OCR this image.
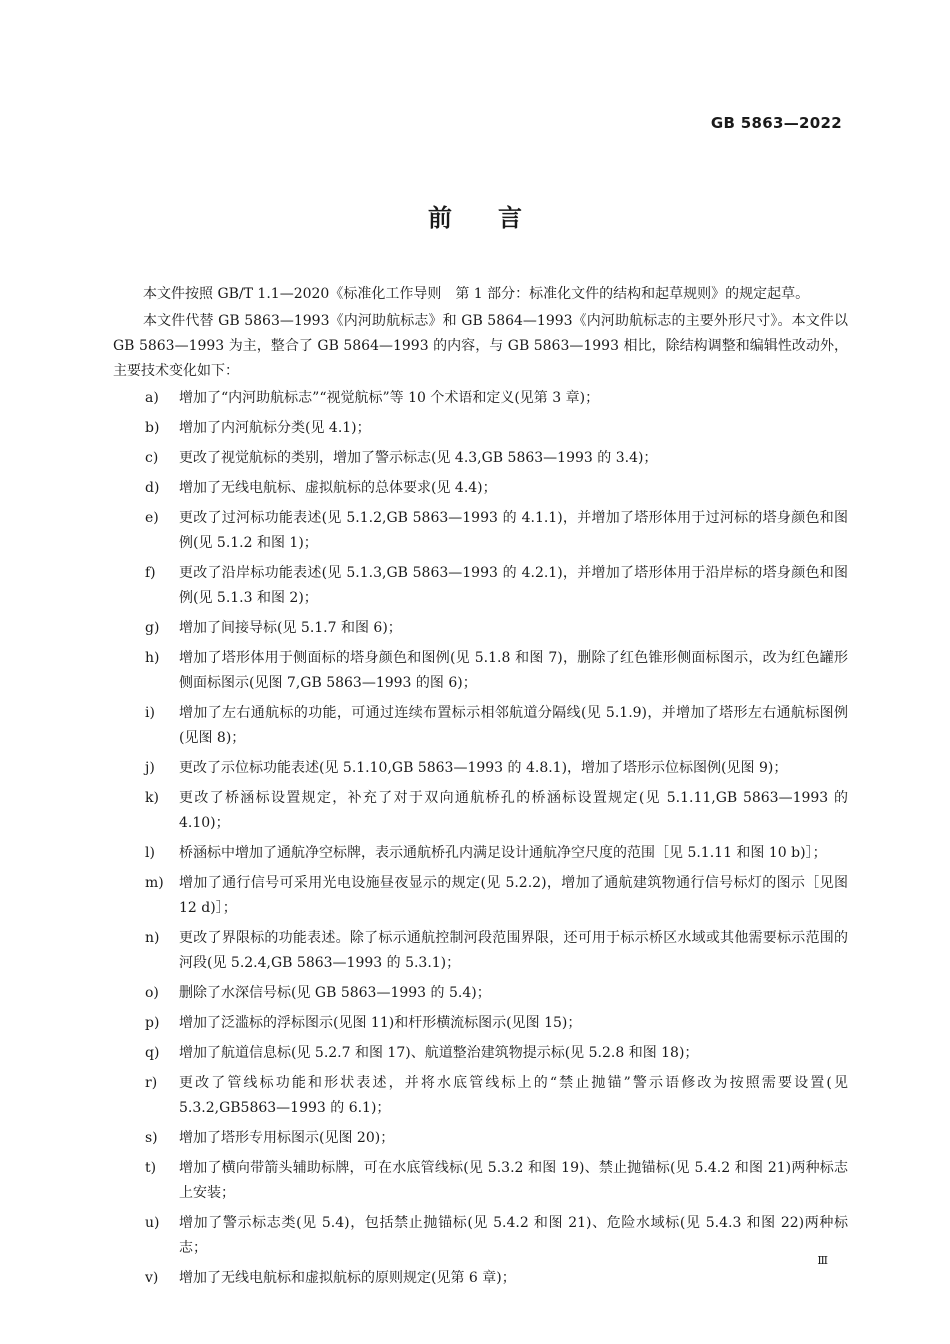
GB 5863—2022
前言

本文件按照 GB/T 1.1—2020《标准化工作导则　第 1 部分：标准化文件的结构和起草规则》的规定起草。

本文件代替 GB 5863—1993《内河助航标志》和 GB 5864—1993《内河助航标志的主要外形尺寸》。本文件以 GB 5863—1993 为主，整合了 GB 5864—1993 的内容，与 GB 5863—1993 相比，除结构调整和编辑性改动外，主要技术变化如下：

a)	增加了“内河助航标志”“视觉航标”等 10 个术语和定义(见第 3 章)；
b)	增加了内河航标分类(见 4.1)；
c)	更改了视觉航标的类别，增加了警示标志(见 4.3,GB 5863—1993 的 3.4)；
d)	增加了无线电航标、虚拟航标的总体要求(见 4.4)；
e)	更改了过河标功能表述(见 5.1.2,GB 5863—1993 的 4.1.1)，并增加了塔形体用于过河标的塔身颜色和图例(见 5.1.2 和图 1)；
f)	更改了沿岸标功能表述(见 5.1.3,GB 5863—1993 的 4.2.1)，并增加了塔形体用于沿岸标的塔身颜色和图例(见 5.1.3 和图 2)；
g)	增加了间接导标(见 5.1.7 和图 6)；
h)	增加了塔形体用于侧面标的塔身颜色和图例(见 5.1.8 和图 7)，删除了红色锥形侧面标图示，改为红色罐形侧面标图示(见图 7,GB 5863—1993 的图 6)；
i)	增加了左右通航标的功能，可通过连续布置标示相邻航道分隔线(见 5.1.9)，并增加了塔形左右通航标图例(见图 8)；
j)	更改了示位标功能表述(见 5.1.10,GB 5863—1993 的 4.8.1)，增加了塔形示位标图例(见图 9)；
k)	更改了桥涵标设置规定，补充了对于双向通航桥孔的桥涵标设置规定(见 5.1.11,GB 5863—1993 的 4.10)；
l)	桥涵标中增加了通航净空标牌，表示通航桥孔内满足设计通航净空尺度的范围［见 5.1.11 和图 10 b)］；
m)	增加了通行信号可采用光电设施昼夜显示的规定(见 5.2.2)，增加了通航建筑物通行信号标灯的图示［见图 12 d)］；
n)	更改了界限标的功能表述。除了标示通航控制河段范围界限，还可用于标示桥区水域或其他需要标示范围的河段(见 5.2.4,GB 5863—1993 的 5.3.1)；
o)	删除了水深信号标(见 GB 5863—1993 的 5.4)；
p)	增加了泛滥标的浮标图示(见图 11)和杆形横流标图示(见图 15)；
q)	增加了航道信息标(见 5.2.7 和图 17)、航道整治建筑物提示标(见 5.2.8 和图 18)；
r)	更改了管线标功能和形状表述，并将水底管线标上的“禁止抛锚”警示语修改为按照需要设置(见 5.3.2,GB5863—1993 的 6.1)；
s)	增加了塔形专用标图示(见图 20)；
t)	增加了横向带箭头辅助标牌，可在水底管线标(见 5.3.2 和图 19)、禁止抛锚标(见 5.4.2 和图 21)两种标志上安装；
u)	增加了警示标志类(见 5.4)，包括禁止抛锚标(见 5.4.2 和图 21)、危险水域标(见 5.4.3 和图 22)两种标志；
v)	增加了无线电航标和虚拟航标的原则规定(见第 6 章)；
Ⅲ
